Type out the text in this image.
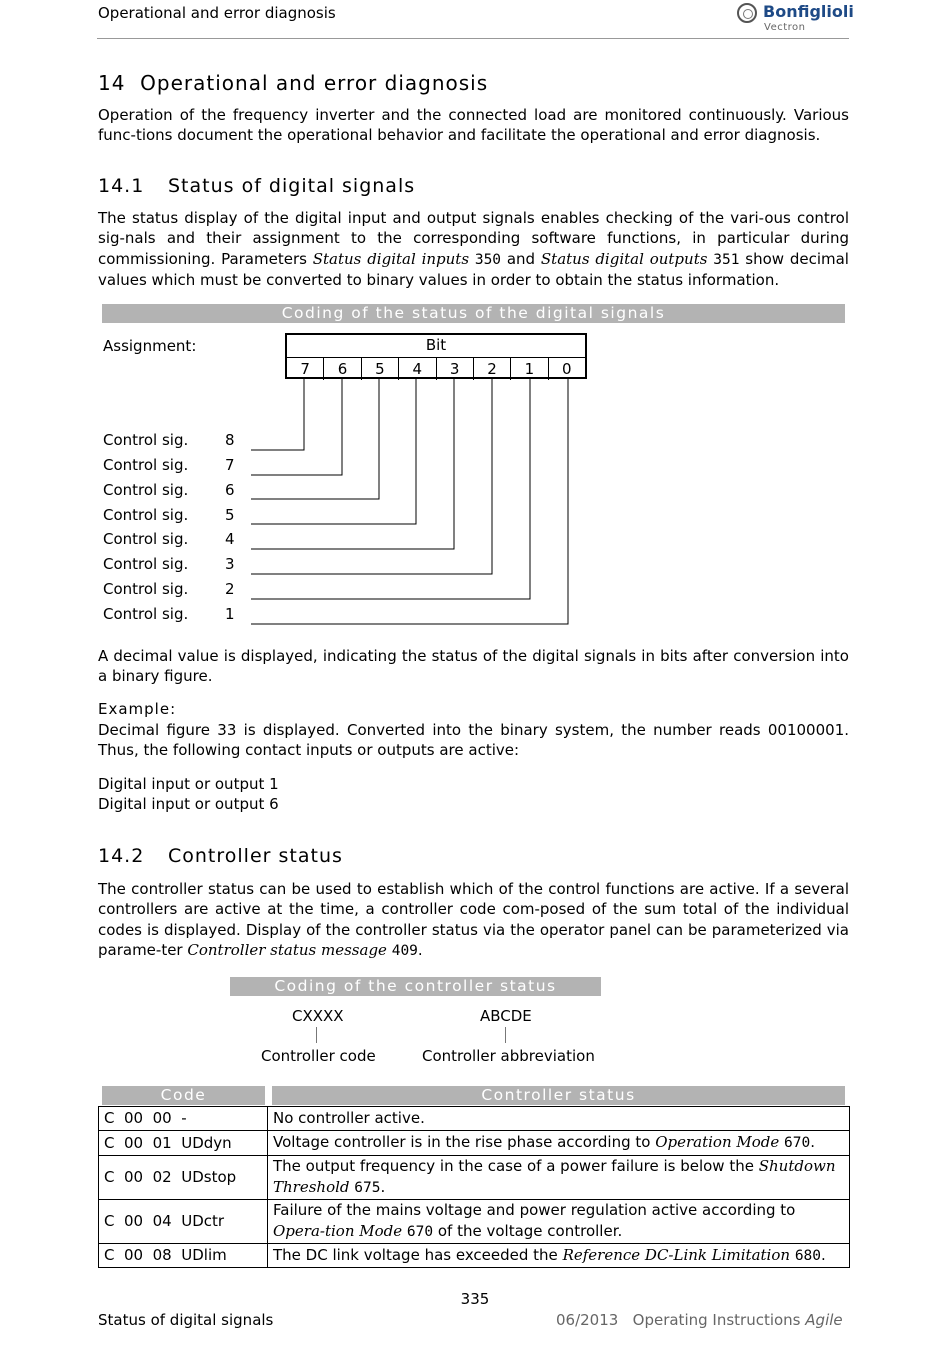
Operational and error diagnosis	Bonfiglioli
Vectron
14 Operational and error diagnosis
Operation of the frequency inverter and the connected load are monitored continuously. Various func-tions document the operational behavior and facilitate the operational and error diagnosis.
14.1 Status of digital signals
The status display of the digital input and output signals enables checking of the vari-ous control sig-nals and their assignment to the corresponding software functions, in particular during commissioning. Parameters Status digital inputs 350 and Status digital outputs 351 show decimal values which must be converted to binary values in order to obtain the status information.
Coding of the status of the digital signals
Assignment:	Bit
7	6	5	4	3	2	1	0
Control sig. 8
Control sig. 7
Control sig. 6
Control sig. 5
Control sig. 4
Control sig. 3
Control sig. 2
Control sig. 1
A decimal value is displayed, indicating the status of the digital signals in bits after conversion into a binary figure.
Example:
Decimal figure 33 is displayed. Converted into the binary system, the number reads 00100001. Thus, the following contact inputs or outputs are active:
Digital input or output 1
Digital input or output 6
14.2 Controller status
The controller status can be used to establish which of the control functions are active. If a several controllers are active at the time, a controller code com-posed of the sum total of the individual codes is displayed. Display of the controller status via the operator panel can be parameterized via parame-ter Controller status message 409.
Coding of the controller status
CXXXX	ABCDE
Controller code	Controller abbreviation
Code	Controller status
C  00  00  -	No controller active.
C  00  01  UDdyn	Voltage controller is in the rise phase according to Operation Mode 670.
C  00  02  UDstop	The output frequency in the case of a power failure is below the Shutdown Threshold 675.
C  00  04  UDctr	Failure of the mains voltage and power regulation active according to Opera-tion Mode 670 of the voltage controller.
C  00  08  UDlim	The DC link voltage has exceeded the Reference DC-Link Limitation 680.
335
Status of digital signals	06/2013 Operating Instructions Agile
